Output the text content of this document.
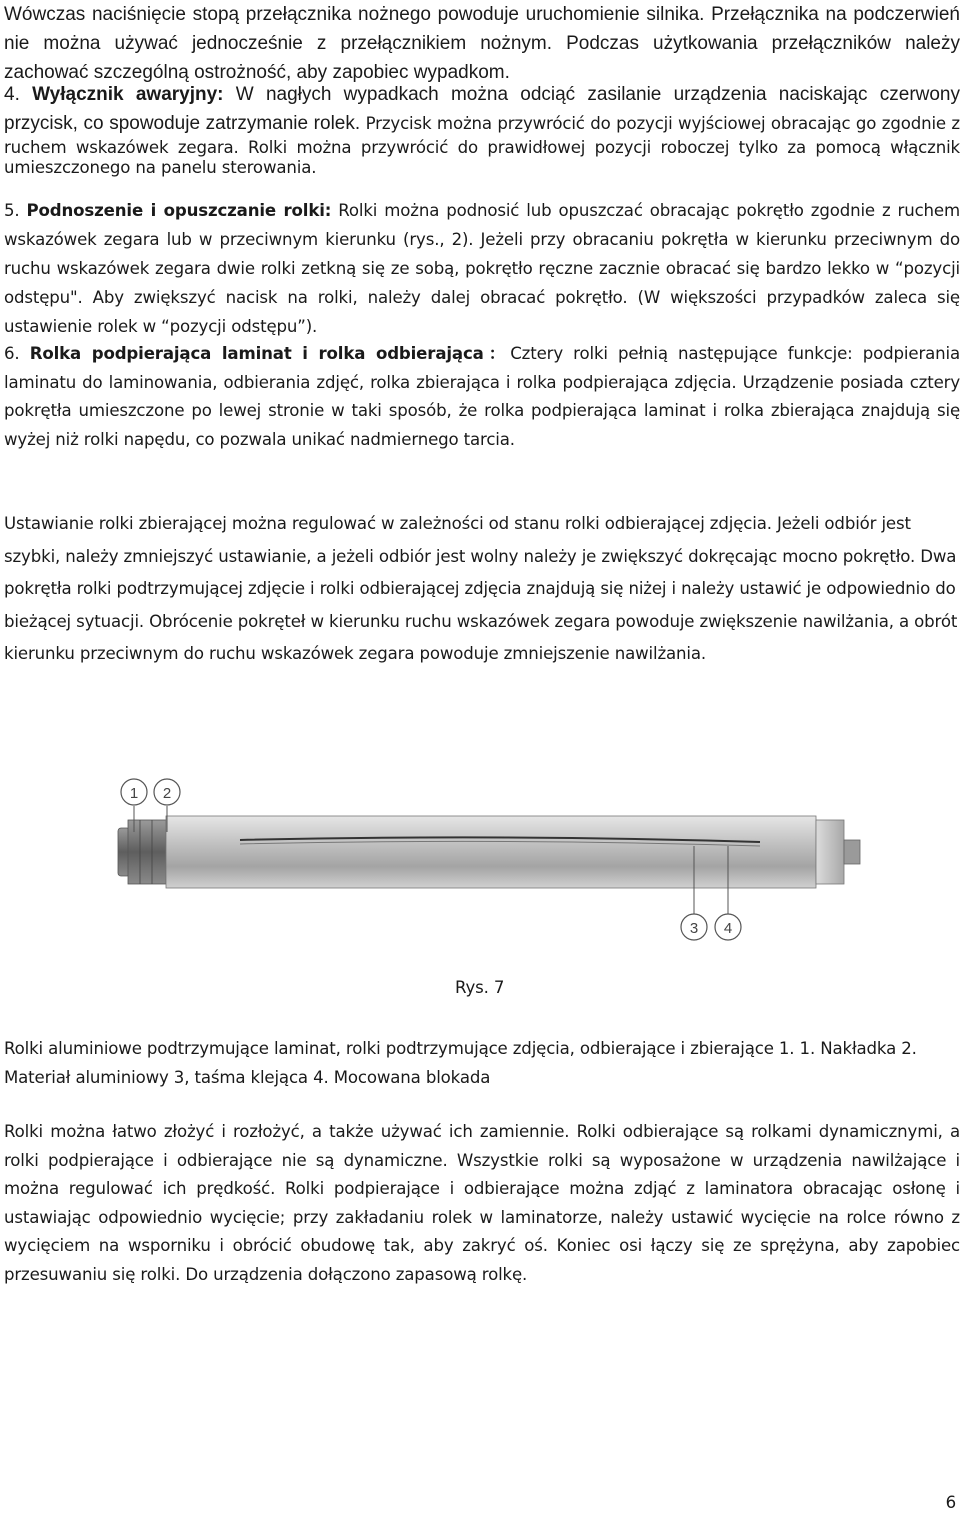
Wówczas naciśnięcie stopą przełącznika nożnego powoduje uruchomienie silnika. Przełącznika na podczerwień nie można używać jednocześnie z przełącznikiem nożnym. Podczas użytkowania przełączników należy zachować szczególną ostrożność, aby zapobiec wypadkom.

4. Wyłącznik awaryjny: W nagłych wypadkach można odciąć zasilanie urządzenia naciskając czerwony przycisk, co spowoduje zatrzymanie rolek. Przycisk można przywrócić do pozycji wyjściowej obracając go zgodnie z ruchem wskazówek zegara. Rolki można przywrócić do prawidłowej pozycji roboczej tylko za pomocą włącznik umieszczonego na panelu sterowania.

5. Podnoszenie i opuszczanie rolki: Rolki można podnosić lub opuszczać obracając pokrętło zgodnie z ruchem wskazówek zegara lub w przeciwnym kierunku (rys., 2). Jeżeli przy obracaniu pokrętła w kierunku przeciwnym do ruchu wskazówek zegara dwie rolki zetkną się ze sobą, pokrętło ręczne zacznie obracać się bardzo lekko w “pozycji odstępu". Aby zwiększyć nacisk na rolki, należy dalej obracać pokrętło. (W większości przypadków zaleca się ustawienie rolek w “pozycji odstępu”).

6. Rolka podpierająca laminat i rolka odbierająca：Cztery rolki pełnią następujące funkcje: podpierania laminatu do laminowania, odbierania zdjęć, rolka zbierająca i rolka podpierająca zdjęcia. Urządzenie posiada cztery pokrętła umieszczone po lewej stronie w taki sposób, że rolka podpierająca laminat i rolka zbierająca znajdują się wyżej niż rolki napędu, co pozwala unikać nadmiernego tarcia.

Ustawianie rolki zbierającej można regulować w zależności od stanu rolki odbierającej zdjęcia. Jeżeli odbiór jest szybki, należy zmniejszyć ustawianie, a jeżeli odbiór jest wolny należy je zwiększyć dokręcając mocno pokrętło. Dwa pokrętła rolki podtrzymującej zdjęcie i rolki odbierającej zdjęcia znajdują się niżej i należy ustawić je odpowiednio do bieżącej sytuacji. Obrócenie pokręteł w kierunku ruchu wskazówek zegara powoduje zwiększenie nawilżania, a obrót kierunku przeciwnym do ruchu wskazówek zegara powoduje zmniejszenie nawilżania.

1 2
3 4
Rys. 7

Rolki aluminiowe podtrzymujące laminat, rolki podtrzymujące zdjęcia, odbierające i zbierające 1. 1. Nakładka 2. Materiał aluminiowy 3, taśma klejąca 4. Mocowana blokada

Rolki można łatwo złożyć i rozłożyć, a także używać ich zamiennie. Rolki odbierające są rolkami dynamicznymi, a rolki podpierające i odbierające nie są dynamiczne. Wszystkie rolki są wyposażone w urządzenia nawilżające i można regulować ich prędkość. Rolki podpierające i odbierające można zdjąć z laminatora obracając osłonę i ustawiając odpowiednio wycięcie; przy zakładaniu rolek w laminatorze, należy ustawić wycięcie na rolce równo z wycięciem na wsporniku i obrócić obudowę tak, aby zakryć oś. Koniec osi łączy się ze sprężyna, aby zapobiec przesuwaniu się rolki. Do urządzenia dołączono zapasową rolkę.

6
